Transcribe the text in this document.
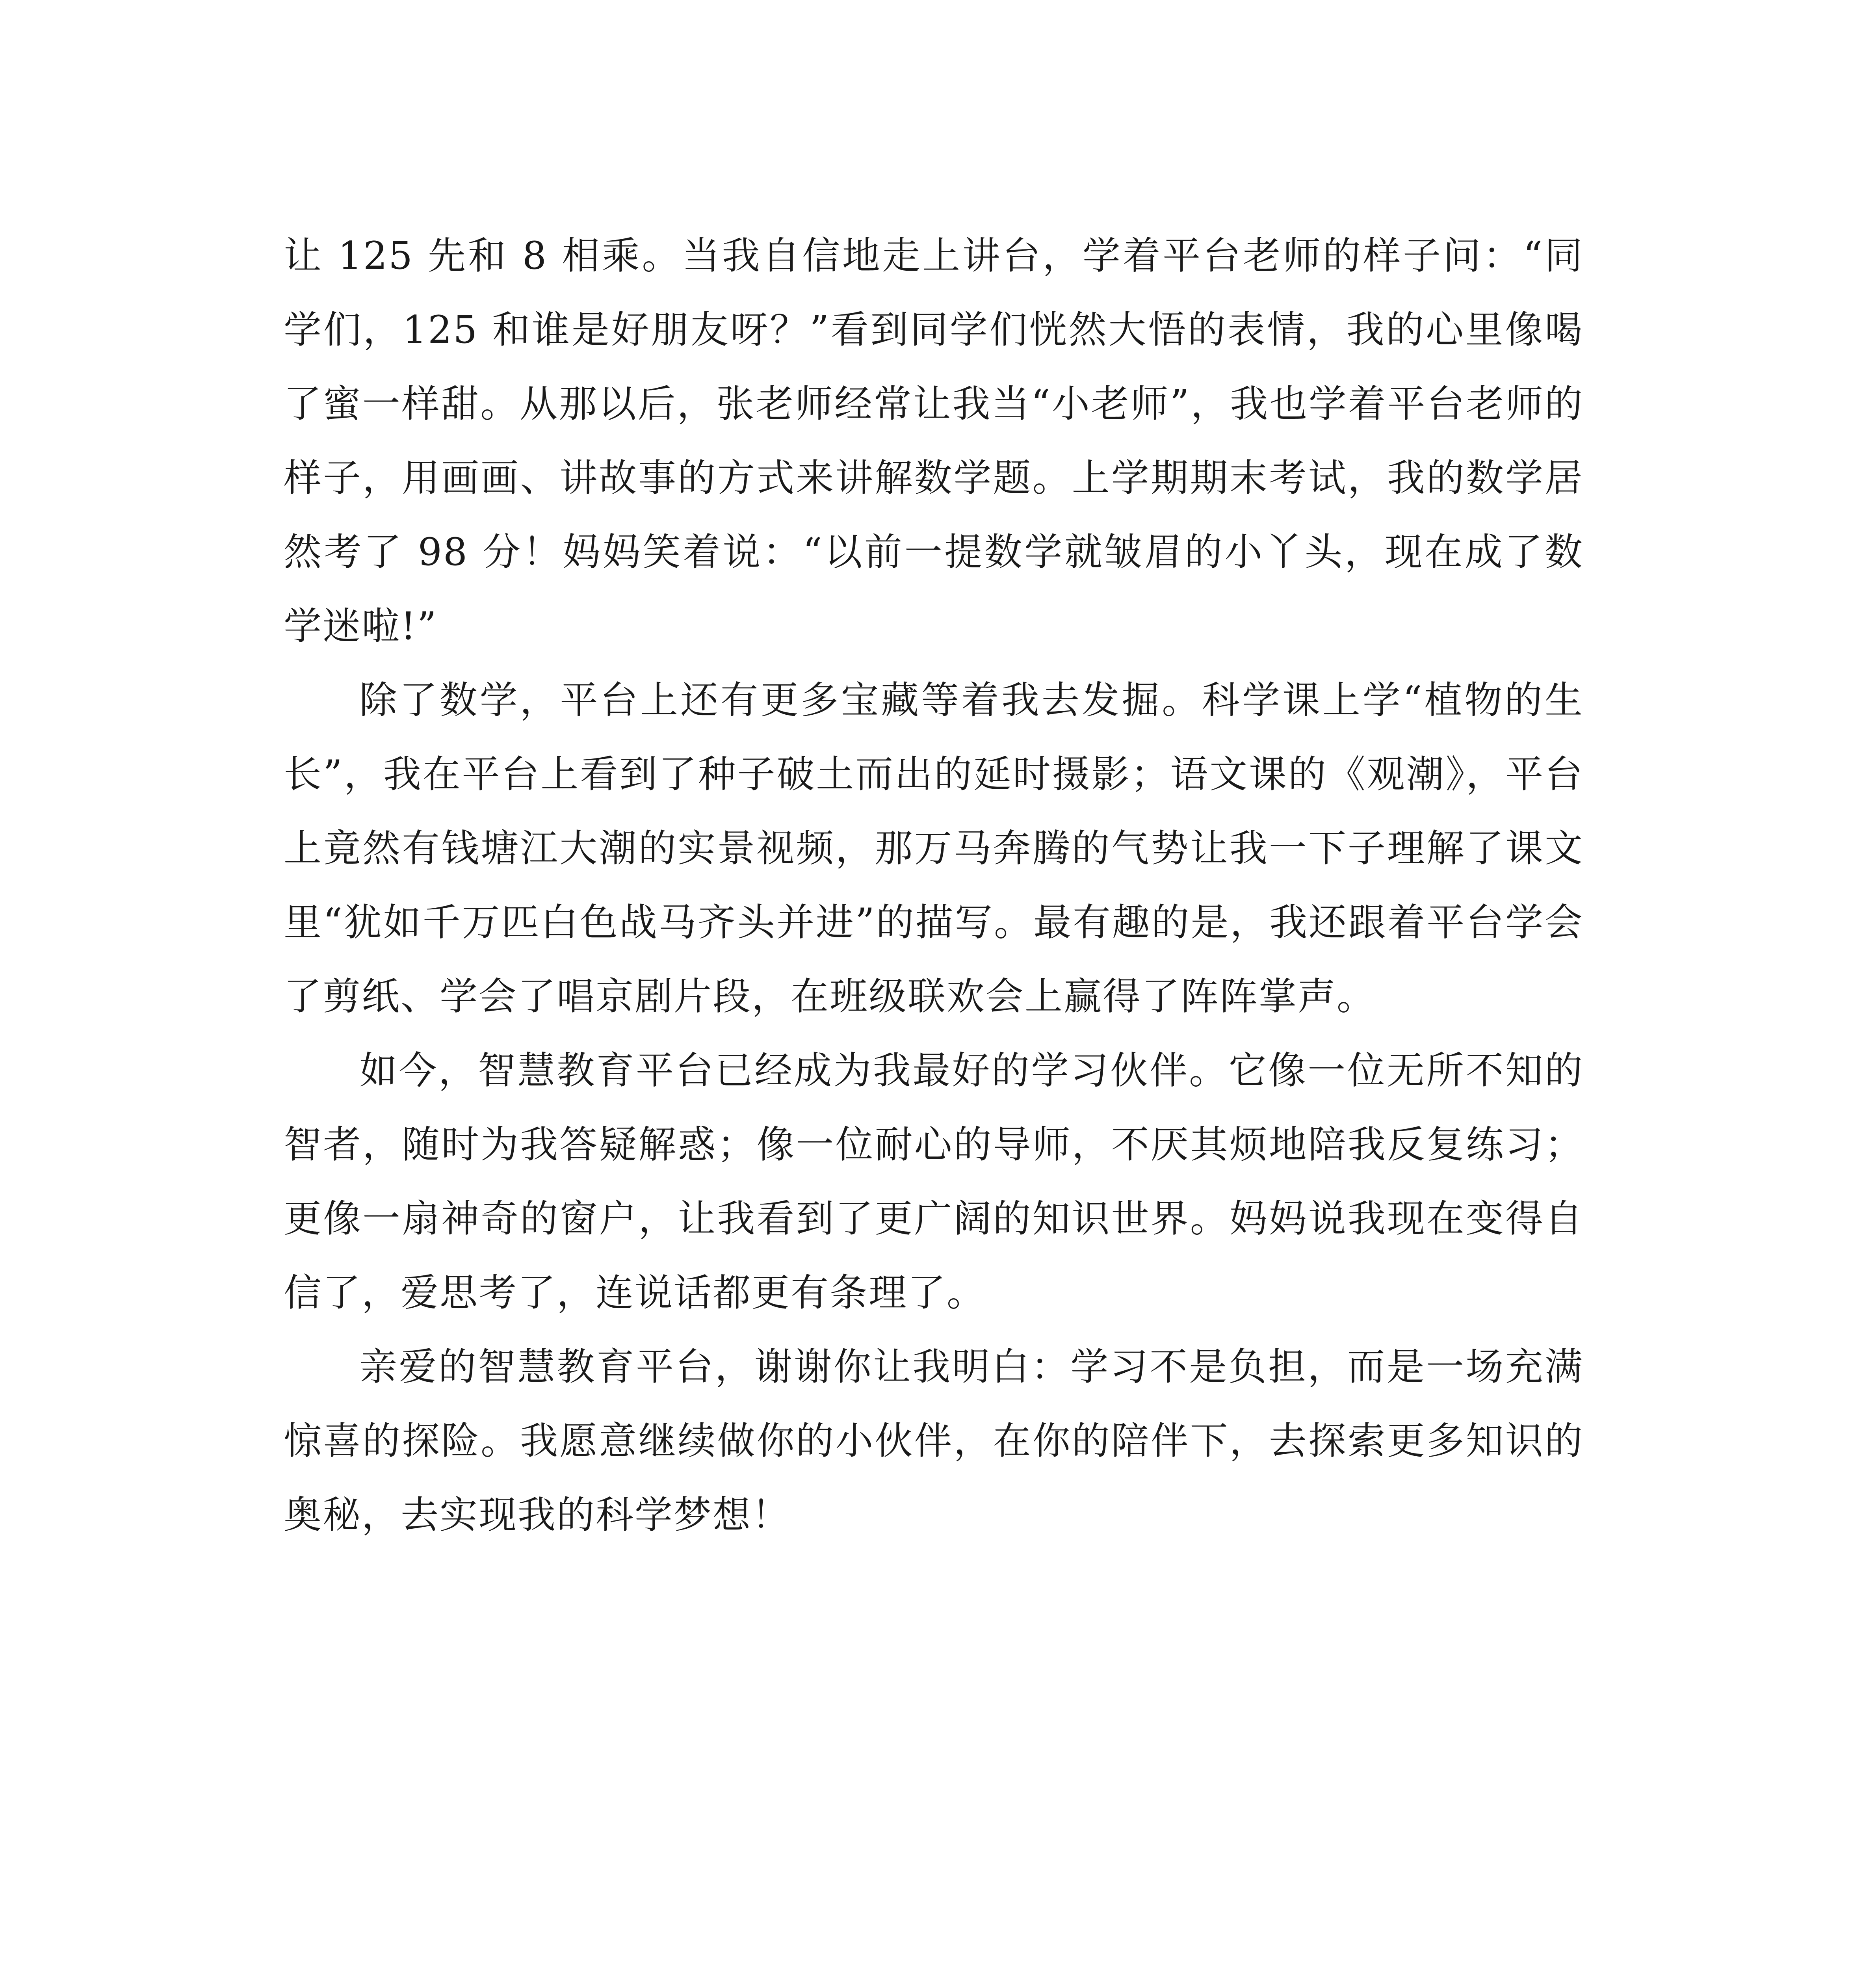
让 125 先和 8 相乘。当我自信地走上讲台，学着平台老师的样子问：“同学们，125 和谁是好朋友呀？”看到同学们恍然大悟的表情，我的心里像喝了蜜一样甜。从那以后，张老师经常让我当“小老师”，我也学着平台老师的样子，用画画、讲故事的方式来讲解数学题。上学期期末考试，我的数学居然考了 98 分！妈妈笑着说：“以前一提数学就皱眉的小丫头，现在成了数学迷啦!”

除了数学，平台上还有更多宝藏等着我去发掘。科学课上学“植物的生长”，我在平台上看到了种子破土而出的延时摄影；语文课的《观潮》，平台上竟然有钱塘江大潮的实景视频，那万马奔腾的气势让我一下子理解了课文里“犹如千万匹白色战马齐头并进”的描写。最有趣的是，我还跟着平台学会了剪纸、学会了唱京剧片段，在班级联欢会上赢得了阵阵掌声。

如今，智慧教育平台已经成为我最好的学习伙伴。它像一位无所不知的智者，随时为我答疑解惑；像一位耐心的导师，不厌其烦地陪我反复练习；更像一扇神奇的窗户，让我看到了更广阔的知识世界。妈妈说我现在变得自信了，爱思考了，连说话都更有条理了。

亲爱的智慧教育平台，谢谢你让我明白：学习不是负担，而是一场充满惊喜的探险。我愿意继续做你的小伙伴，在你的陪伴下，去探索更多知识的奥秘，去实现我的科学梦想！
